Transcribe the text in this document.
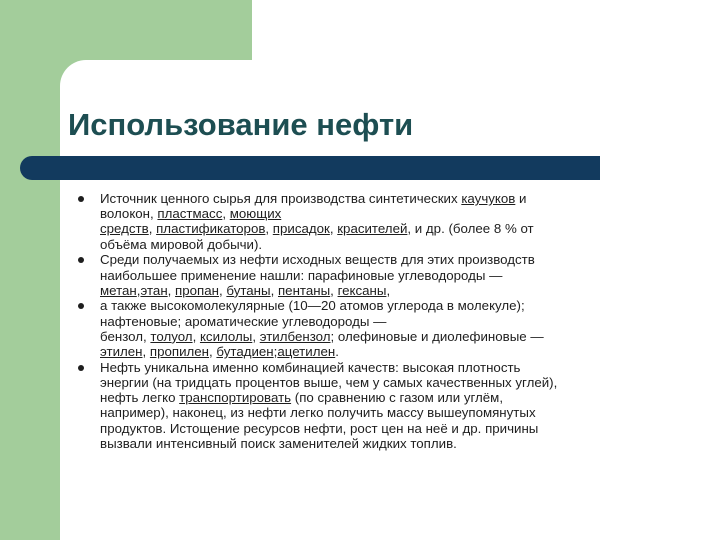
Использование нефти

Источник ценного сырья для производства синтетических каучуков и

волокон, пластмасс, моющих

средств, пластификаторов, присадок, красителей, и др. (более 8 % от

объёма мировой добычи).

Среди получаемых из нефти исходных веществ для этих производств

наибольшее применение нашли: парафиновые углеводороды —

метан,этан, пропан, бутаны, пентаны, гексаны,

а также высокомолекулярные (10—20 атомов углерода в молекуле);

нафтеновые; ароматические углеводороды —

бензол, толуол, ксилолы, этилбензол; олефиновые и диолефиновые —

этилен, пропилен, бутадиен;ацетилен.

Нефть уникальна именно комбинацией качеств: высокая плотность

энергии (на тридцать процентов выше, чем у самых качественных углей),

нефть легко транспортировать (по сравнению с газом или углём,

например), наконец, из нефти легко получить массу вышеупомянутых

продуктов. Истощение ресурсов нефти, рост цен на неё и др. причины

вызвали интенсивный поиск заменителей жидких топлив.
